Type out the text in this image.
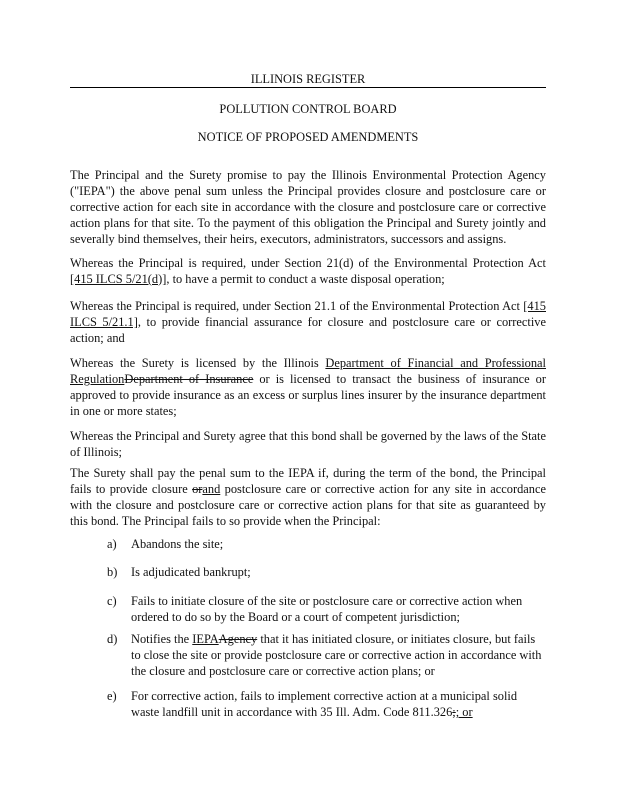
ILLINOIS REGISTER
POLLUTION CONTROL BOARD
NOTICE OF PROPOSED AMENDMENTS
The Principal and the Surety promise to pay the Illinois Environmental Protection Agency ("IEPA") the above penal sum unless the Principal provides closure and postclosure care or corrective action for each site in accordance with the closure and postclosure care or corrective action plans for that site. To the payment of this obligation the Principal and Surety jointly and severally bind themselves, their heirs, executors, administrators, successors and assigns.
Whereas the Principal is required, under Section 21(d) of the Environmental Protection Act [415 ILCS 5/21(d)], to have a permit to conduct a waste disposal operation;
Whereas the Principal is required, under Section 21.1 of the Environmental Protection Act [415 ILCS 5/21.1], to provide financial assurance for closure and postclosure care or corrective action; and
Whereas the Surety is licensed by the Illinois Department of Financial and Professional RegulationDepartment of Insurance or is licensed to transact the business of insurance or approved to provide insurance as an excess or surplus lines insurer by the insurance department in one or more states;
Whereas the Principal and Surety agree that this bond shall be governed by the laws of the State of Illinois;
The Surety shall pay the penal sum to the IEPA if, during the term of the bond, the Principal fails to provide closure orand postclosure care or corrective action for any site in accordance with the closure and postclosure care or corrective action plans for that site as guaranteed by this bond. The Principal fails to so provide when the Principal:
a) Abandons the site;
b) Is adjudicated bankrupt;
c) Fails to initiate closure of the site or postclosure care or corrective action when ordered to do so by the Board or a court of competent jurisdiction;
d) Notifies the IEPAAgency that it has initiated closure, or initiates closure, but fails to close the site or provide postclosure care or corrective action in accordance with the closure and postclosure care or corrective action plans; or
e) For corrective action, fails to implement corrective action at a municipal solid waste landfill unit in accordance with 35 Ill. Adm. Code 811.326;; or
